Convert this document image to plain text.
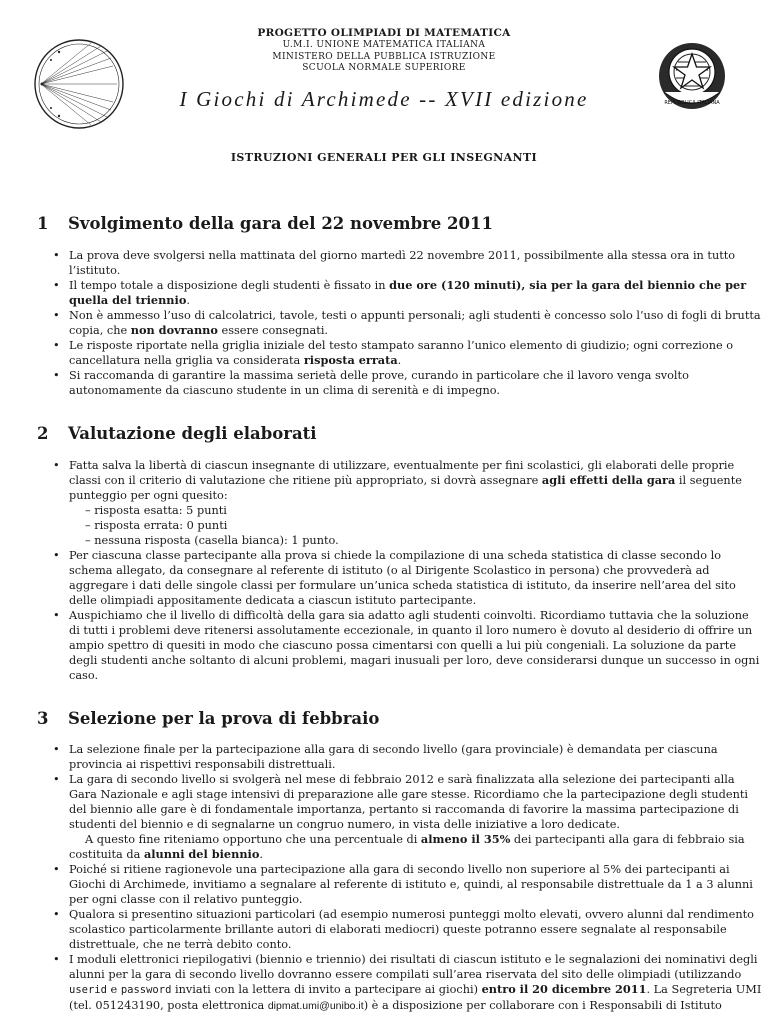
REPUBBLICA ITALIANA
PROGETTO OLIMPIADI DI MATEMATICA
U.M.I. UNIONE MATEMATICA ITALIANA
MINISTERO DELLA PUBBLICA ISTRUZIONE
SCUOLA NORMALE SUPERIORE
I Giochi di Archimede -- XVII edizione
ISTRUZIONI GENERALI PER GLI INSEGNANTI
1 Svolgimento della gara del 22 novembre 2011
• La prova deve svolgersi nella mattinata del giorno martedì 22 novembre 2011, possibilmente alla stessa ora in tutto l’istituto.
• Il tempo totale a disposizione degli studenti è fissato in due ore (120 minuti), sia per la gara del biennio che per quella del triennio.
• Non è ammesso l’uso di calcolatrici, tavole, testi o appunti personali; agli studenti è concesso solo l’uso di fogli di brutta copia, che non dovranno essere consegnati.
• Le risposte riportate nella griglia iniziale del testo stampato saranno l’unico elemento di giudizio; ogni correzione o cancellatura nella griglia va considerata risposta errata.
• Si raccomanda di garantire la massima serietà delle prove, curando in particolare che il lavoro venga svolto autonomamente da ciascuno studente in un clima di serenità e di impegno.
2 Valutazione degli elaborati
• Fatta salva la libertà di ciascun insegnante di utilizzare, eventualmente per fini scolastici, gli elaborati delle proprie classi con il criterio di valutazione che ritiene più appropriato, si dovrà assegnare agli effetti della gara il seguente punteggio per ogni quesito:
– risposta esatta: 5 punti
– risposta errata: 0 punti
– nessuna risposta (casella bianca): 1 punto.
• Per ciascuna classe partecipante alla prova si chiede la compilazione di una scheda statistica di classe secondo lo schema allegato, da consegnare al referente di istituto (o al Dirigente Scolastico in persona) che provvederà ad aggregare i dati delle singole classi per formulare un’unica scheda statistica di istituto, da inserire nell’area del sito delle olimpiadi appositamente dedicata a ciascun istituto partecipante.
• Auspichiamo che il livello di difficoltà della gara sia adatto agli studenti coinvolti. Ricordiamo tuttavia che la soluzione di tutti i problemi deve ritenersi assolutamente eccezionale, in quanto il loro numero è dovuto al desiderio di offrire un ampio spettro di quesiti in modo che ciascuno possa cimentarsi con quelli a lui più congeniali. La soluzione da parte degli studenti anche soltanto di alcuni problemi, magari inusuali per loro, deve considerarsi dunque un successo in ogni caso.
3 Selezione per la prova di febbraio
• La selezione finale per la partecipazione alla gara di secondo livello (gara provinciale) è demandata per ciascuna provincia ai rispettivi responsabili distrettuali.
• La gara di secondo livello si svolgerà nel mese di febbraio 2012 e sarà finalizzata alla selezione dei partecipanti alla Gara Nazionale e agli stage intensivi di preparazione alle gare stesse. Ricordiamo che la partecipazione degli studenti del biennio alle gare è di fondamentale importanza, pertanto si raccomanda di favorire la massima partecipazione di studenti del biennio e di segnalarne un congruo numero, in vista delle iniziative a loro dedicate.
A questo fine riteniamo opportuno che una percentuale di almeno il 35% dei partecipanti alla gara di febbraio sia costituita da alunni del biennio.
• Poiché si ritiene ragionevole una partecipazione alla gara di secondo livello non superiore al 5% dei partecipanti ai Giochi di Archimede, invitiamo a segnalare al referente di istituto e, quindi, al responsabile distrettuale da 1 a 3 alunni per ogni classe con il relativo punteggio.
• Qualora si presentino situazioni particolari (ad esempio numerosi punteggi molto elevati, ovvero alunni dal rendimento scolastico particolarmente brillante autori di elaborati mediocri) queste potranno essere segnalate al responsabile distrettuale, che ne terrà debito conto.
• I moduli elettronici riepilogativi (biennio e triennio) dei risultati di ciascun istituto e le segnalazioni dei nominativi degli alunni per la gara di secondo livello dovranno essere compilati sull’area riservata del sito delle olimpiadi (utilizzando userid e password inviati con la lettera di invito a partecipare ai giochi) entro il 20 dicembre 2011. La Segreteria UMI (tel. 051243190, posta elettronica dipmat.umi@unibo.it) è a disposizione per collaborare con i Responsabili di Istituto
